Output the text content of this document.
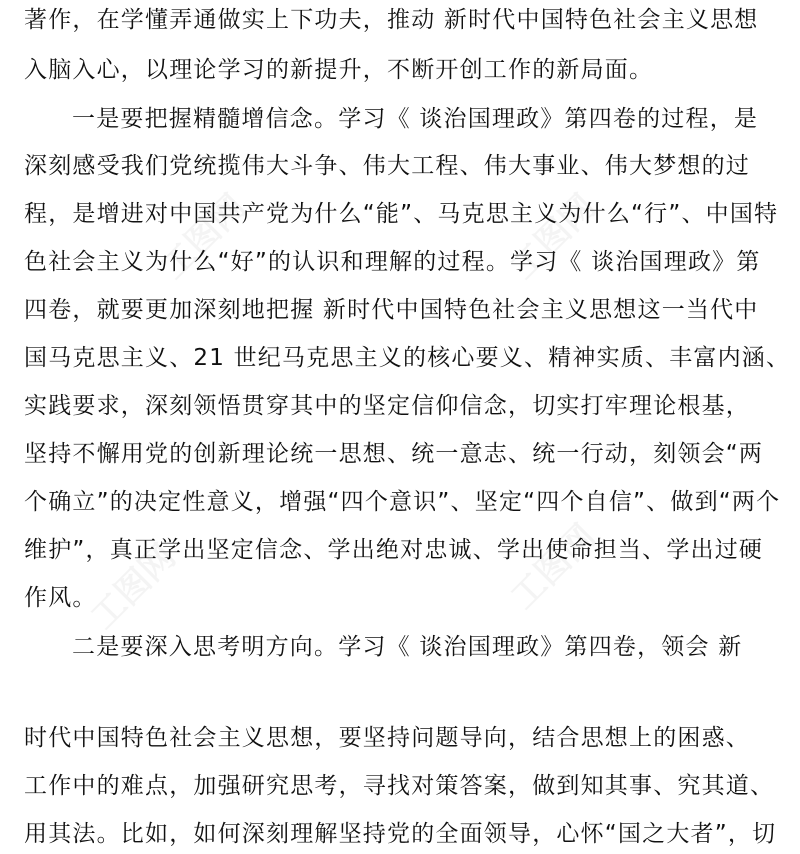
著作，在学懂弄通做实上下功夫，推动 新时代中国特色社会主义思想
入脑入心，以理论学习的新提升，不断开创工作的新局面。
一是要把握精髓增信念。学习《 谈治国理政》第四卷的过程，是
深刻感受我们党统揽伟大斗争、伟大工程、伟大事业、伟大梦想的过
程，是增进对中国共产党为什么“能”、马克思主义为什么“行”、中国特
色社会主义为什么“好”的认识和理解的过程。学习《 谈治国理政》第
四卷，就要更加深刻地把握 新时代中国特色社会主义思想这一当代中
国马克思主义、21 世纪马克思主义的核心要义、精神实质、丰富内涵、
实践要求，深刻领悟贯穿其中的坚定信仰信念，切实打牢理论根基，
坚持不懈用党的创新理论统一思想、统一意志、统一行动，刻领会“两
个确立”的决定性意义，增强“四个意识”、坚定“四个自信”、做到“两个
维护”，真正学出坚定信念、学出绝对忠诚、学出使命担当、学出过硬
作风。
二是要深入思考明方向。学习《 谈治国理政》第四卷，领会 新
时代中国特色社会主义思想，要坚持问题导向，结合思想上的困惑、
工作中的难点，加强研究思考，寻找对策答案，做到知其事、究其道、
用其法。比如，如何深刻理解坚持党的全面领导，心怀“国之大者”，切
